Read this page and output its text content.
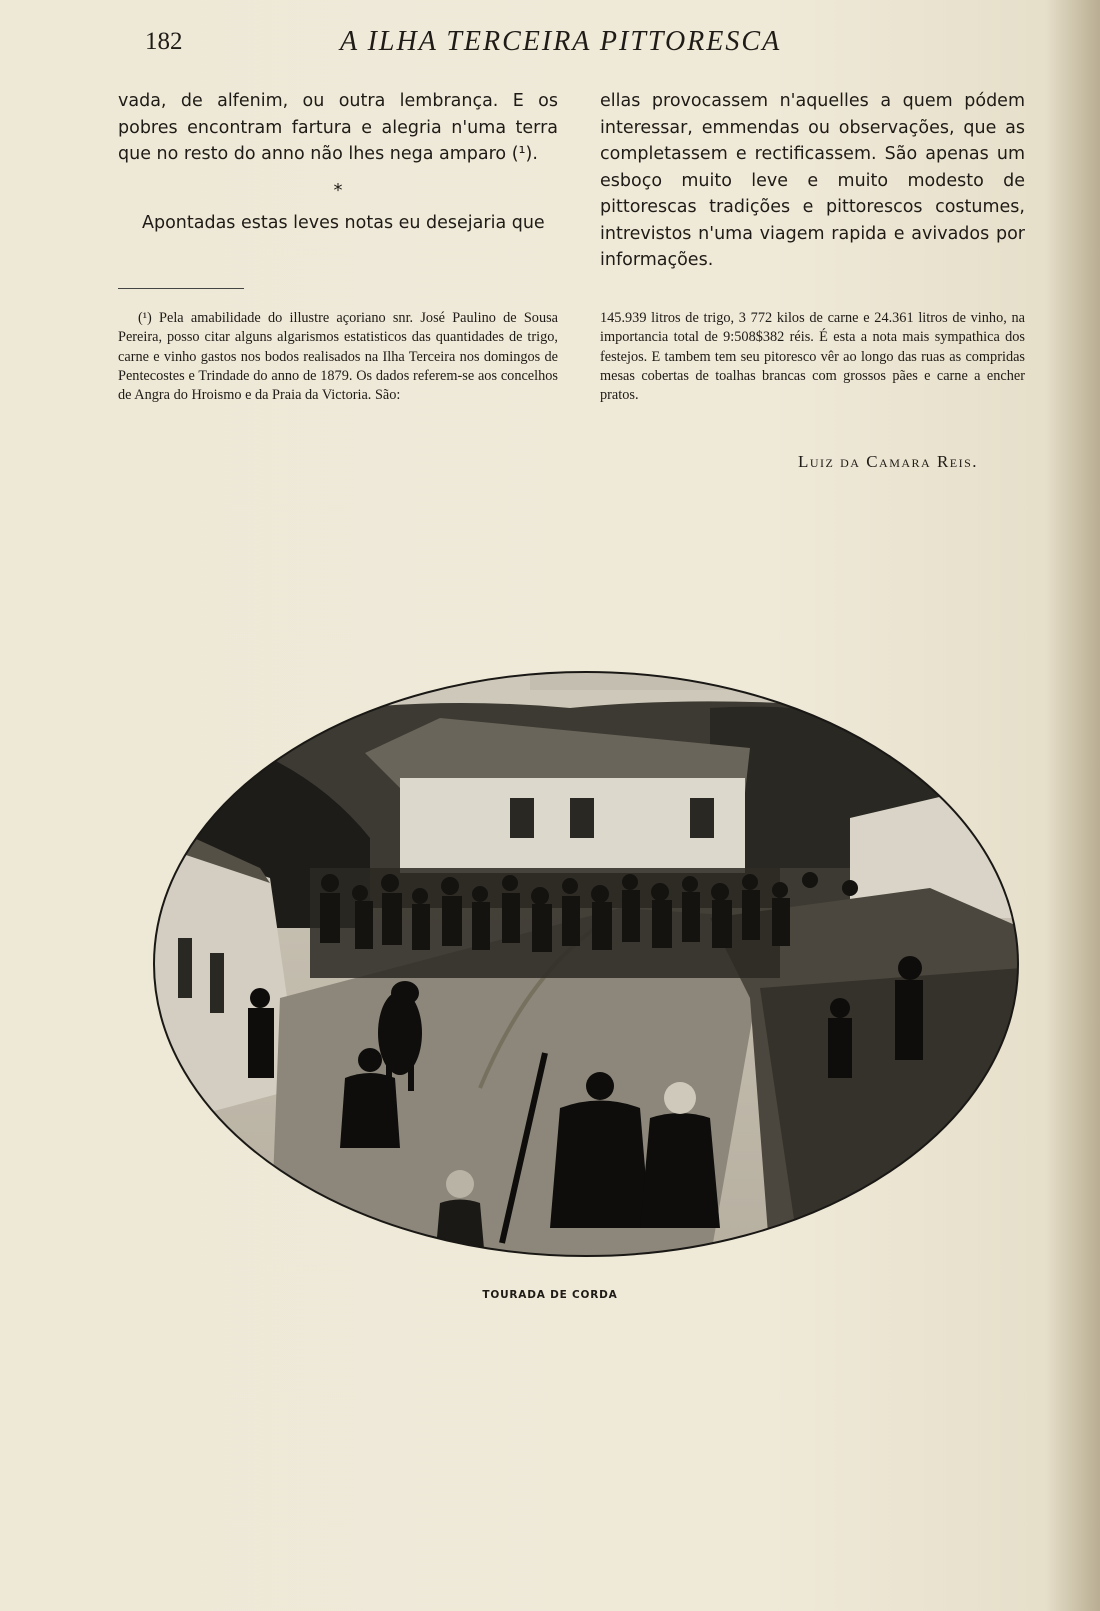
182	A ILHA TERCEIRA PITTORESCA

vada, de alfenim, ou outra lembrança. E os pobres encontram fartura e alegria n'uma terra que no resto do anno não lhes nega amparo (¹).

*

Apontadas estas leves notas eu desejaria que

ellas provocassem n'aquelles a quem pódem interessar, emmendas ou observações, que as completassem e rectificassem. São apenas um esboço muito leve e muito modesto de pittorescas tradições e pittorescos costumes, intrevistos n'uma viagem rapida e avivados por informações.

(¹) Pela amabilidade do illustre açoriano snr. José Paulino de Sousa Pereira, posso citar alguns algarismos estatisticos das quantidades de trigo, carne e vinho gastos nos bodos realisados na Ilha Terceira nos domingos de Pentecostes e Trindade do anno de 1879. Os dados referem-se aos concelhos de Angra do Hroismo e da Praia da Victoria. São:
145.939 litros de trigo, 3 772 kilos de carne e 24.361 litros de vinho, na importancia total de 9:508$382 réis. É esta a nota mais sympathica dos festejos. E tambem tem seu pitoresco vêr ao longo das ruas as compridas mesas cobertas de toalhas brancas com grossos pães e carne a encher pratos.
Luiz da Camara Reis.
TOURADA DE CORDA
